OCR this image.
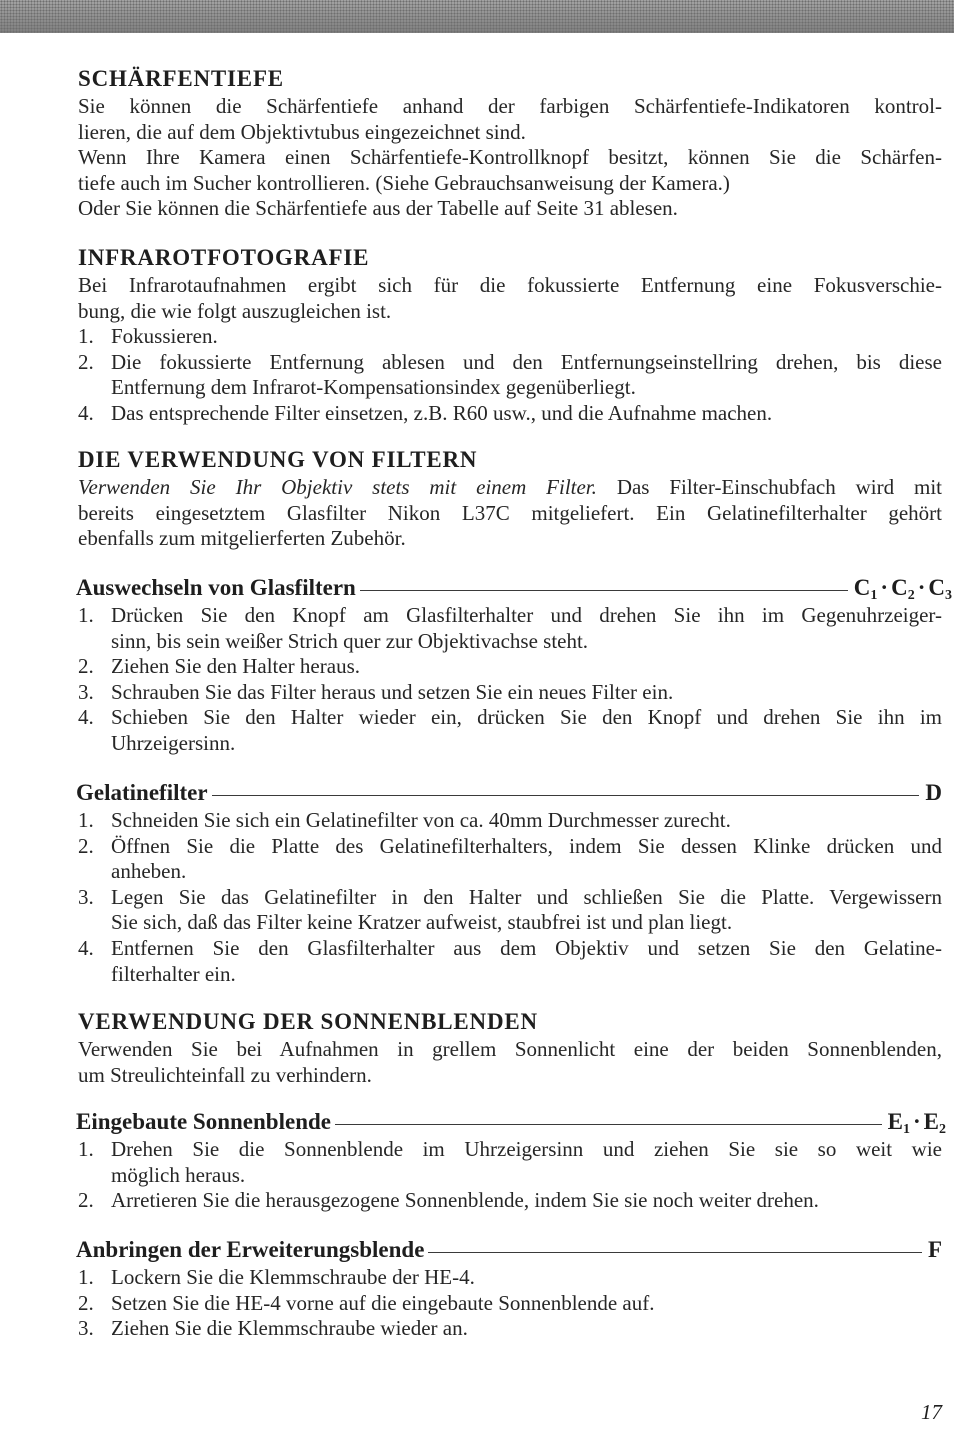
SCHÄRFENTIEFE
Sie können die Schärfentiefe anhand der farbigen Schärfentiefe-Indikatoren kontrol-
lieren, die auf dem Objektivtubus eingezeichnet sind.
Wenn Ihre Kamera einen Schärfentiefe-Kontrollknopf besitzt, können Sie die Schärfen-
tiefe auch im Sucher kontrollieren. (Siehe Gebrauchsanweisung der Kamera.)
Oder Sie können die Schärfentiefe aus der Tabelle auf Seite 31 ablesen.
INFRAROTFOTOGRAFIE
Bei Infrarotaufnahmen ergibt sich für die fokussierte Entfernung eine Fokusverschie-
bung, die wie folgt auszugleichen ist.
1. Fokussieren.
2. Die fokussierte Entfernung ablesen und den Entfernungseinstellring drehen, bis diese
Entfernung dem Infrarot-Kompensationsindex gegenüberliegt.
4. Das entsprechende Filter einsetzen, z.B. R60 usw., und die Aufnahme machen.
DIE VERWENDUNG VON FILTERN
Verwenden Sie Ihr Objektiv stets mit einem Filter. Das Filter-Einschubfach wird mit
bereits eingesetztem Glasfilter Nikon L37C mitgeliefert. Ein Gelatinefilterhalter gehört
ebenfalls zum mitgelierferten Zubehör.
Auswechseln von Glasfiltern	$C_1 \cdot C_2 \cdot C_3$
1. Drücken Sie den Knopf am Glasfilterhalter und drehen Sie ihn im Gegenuhrzeiger-
sinn, bis sein weißer Strich quer zur Objektivachse steht.
2. Ziehen Sie den Halter heraus.
3. Schrauben Sie das Filter heraus und setzen Sie ein neues Filter ein.
4. Schieben Sie den Halter wieder ein, drücken Sie den Knopf und drehen Sie ihn im
Uhrzeigersinn.
Gelatinefilter	D
1. Schneiden Sie sich ein Gelatinefilter von ca. 40mm Durchmesser zurecht.
2. Öffnen Sie die Platte des Gelatinefilterhalters, indem Sie dessen Klinke drücken und
anheben.
3. Legen Sie das Gelatinefilter in den Halter und schließen Sie die Platte. Vergewissern
Sie sich, daß das Filter keine Kratzer aufweist, staubfrei ist und plan liegt.
4. Entfernen Sie den Glasfilterhalter aus dem Objektiv und setzen Sie den Gelatine-
filterhalter ein.
VERWENDUNG DER SONNENBLENDEN
Verwenden Sie bei Aufnahmen in grellem Sonnenlicht eine der beiden Sonnenblenden,
um Streulichteinfall zu verhindern.
Eingebaute Sonnenblende	$E_1 \cdot E_2$
1. Drehen Sie die Sonnenblende im Uhrzeigersinn und ziehen Sie sie so weit wie
möglich heraus.
2. Arretieren Sie die herausgezogene Sonnenblende, indem Sie sie noch weiter drehen.
Anbringen der Erweiterungsblende	F
1. Lockern Sie die Klemmschraube der HE-4.
2. Setzen Sie die HE-4 vorne auf die eingebaute Sonnenblende auf.
3. Ziehen Sie die Klemmschraube wieder an.
17
